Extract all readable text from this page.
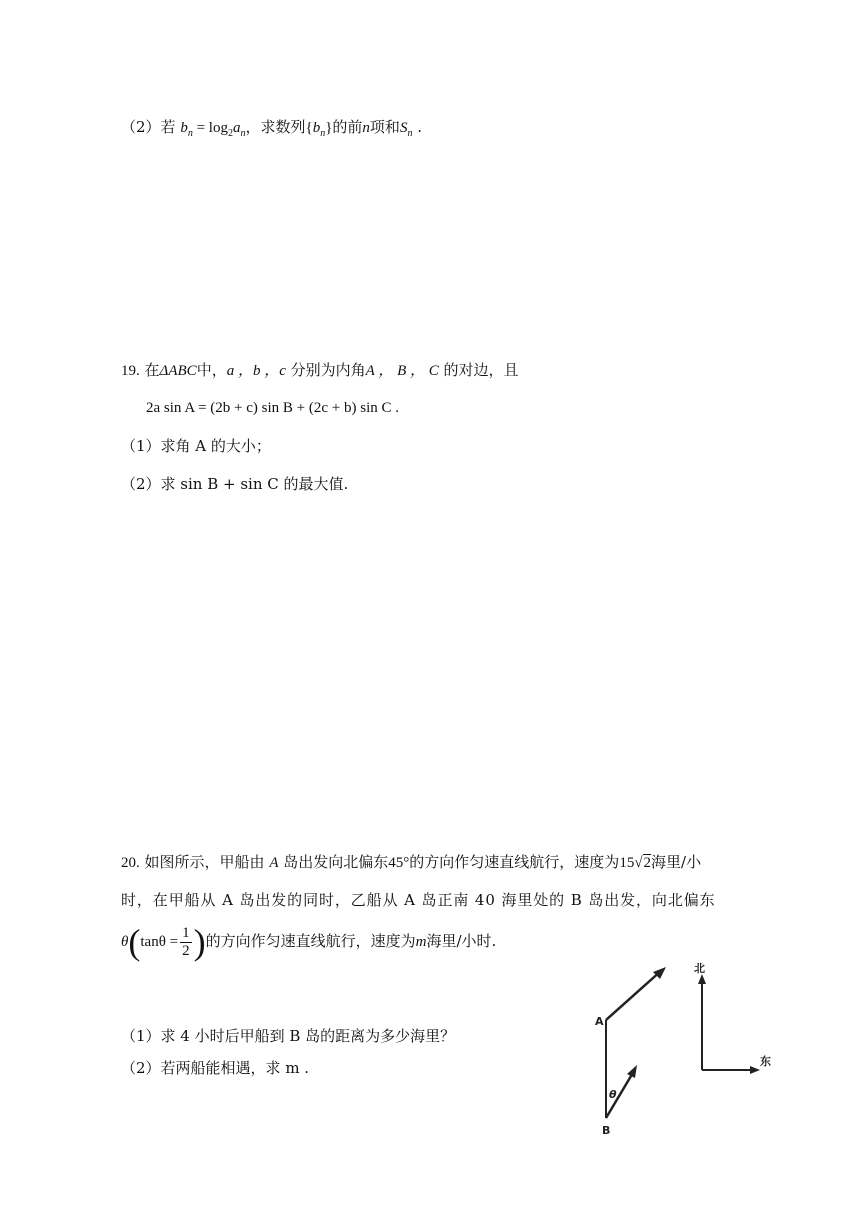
（2）若 $b_n = \log_2a_n$，求数列$\{b_n\}$的前n项和$S_n$ .
19. 在ΔABC中，a ，b ，c 分别为内角A ， B ， C 的对边，且
2a sin A = (2b + c) sin B + (2c + b) sin C .
（1）求角 A 的大小；
（2）求 sin B + sin C 的最大值.
20. 如图所示，甲船由 A 岛出发向北偏东45°的方向作匀速直线航行，速度为15√2海里/小
时，在甲船从 A 岛出发的同时，乙船从 A 岛正南 40 海里处的 B 岛出发，向北偏东
$\theta(\tan\theta = \frac{1}{2}$ )的方向作匀速直线航行，速度为m海里/小时.
（1）求 4 小时后甲船到 B 岛的距离为多少海里？
（2）若两船能相遇，求 m .
A
B
θ
北
东
